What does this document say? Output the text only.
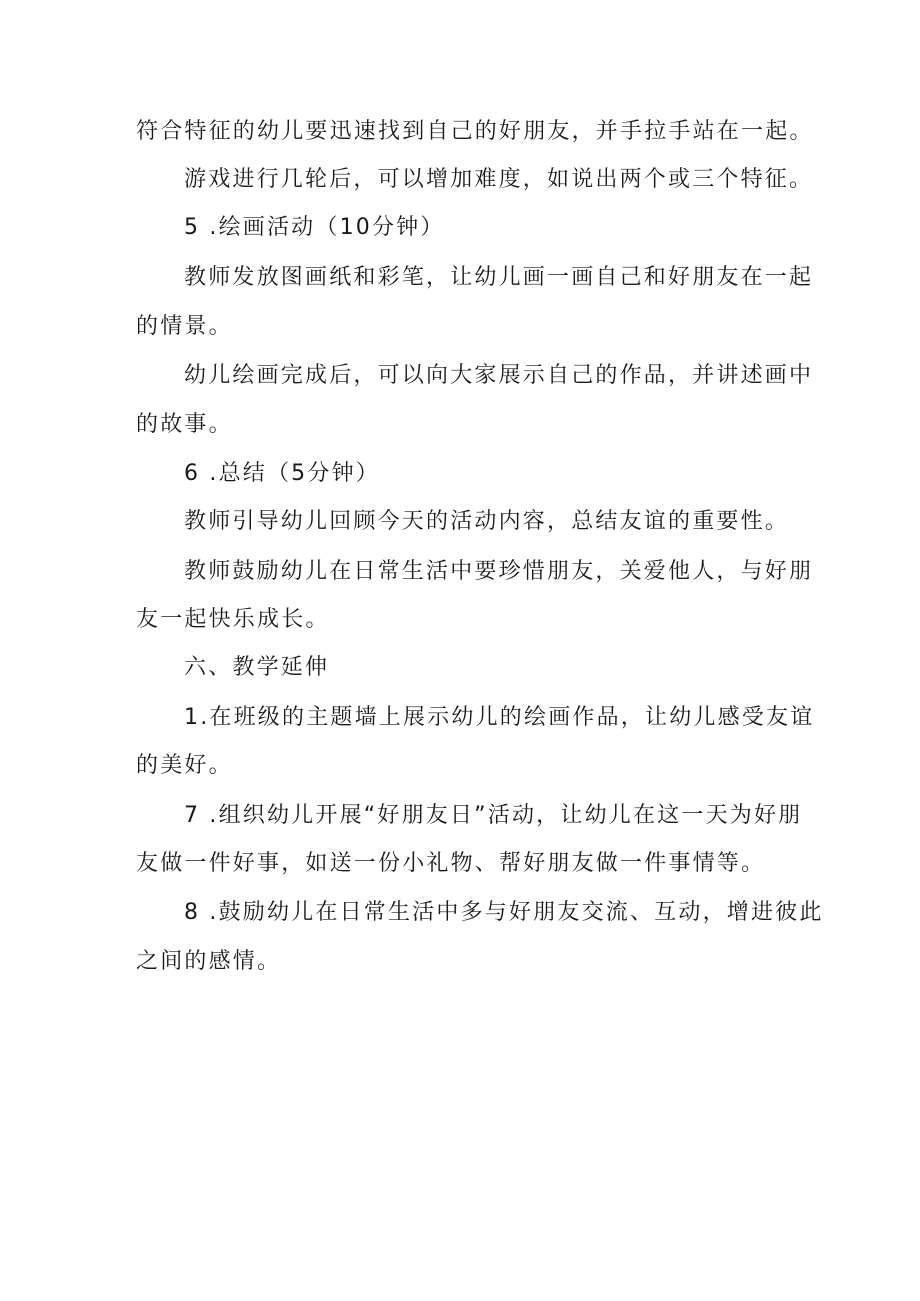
符合特征的幼儿要迅速找到自己的好朋友，并手拉手站在一起。

游戏进行几轮后，可以增加难度，如说出两个或三个特征。

5 .绘画活动（10分钟）

教师发放图画纸和彩笔，让幼儿画一画自己和好朋友在一起

的情景。

幼儿绘画完成后，可以向大家展示自己的作品，并讲述画中

的故事。

6 .总结（5分钟）

教师引导幼儿回顾今天的活动内容，总结友谊的重要性。

教师鼓励幼儿在日常生活中要珍惜朋友，关爱他人，与好朋

友一起快乐成长。

六、教学延伸

1.在班级的主题墙上展示幼儿的绘画作品，让幼儿感受友谊

的美好。

7 .组织幼儿开展“好朋友日”活动，让幼儿在这一天为好朋

友做一件好事，如送一份小礼物、帮好朋友做一件事情等。

8 .鼓励幼儿在日常生活中多与好朋友交流、互动，增进彼此

之间的感情。
